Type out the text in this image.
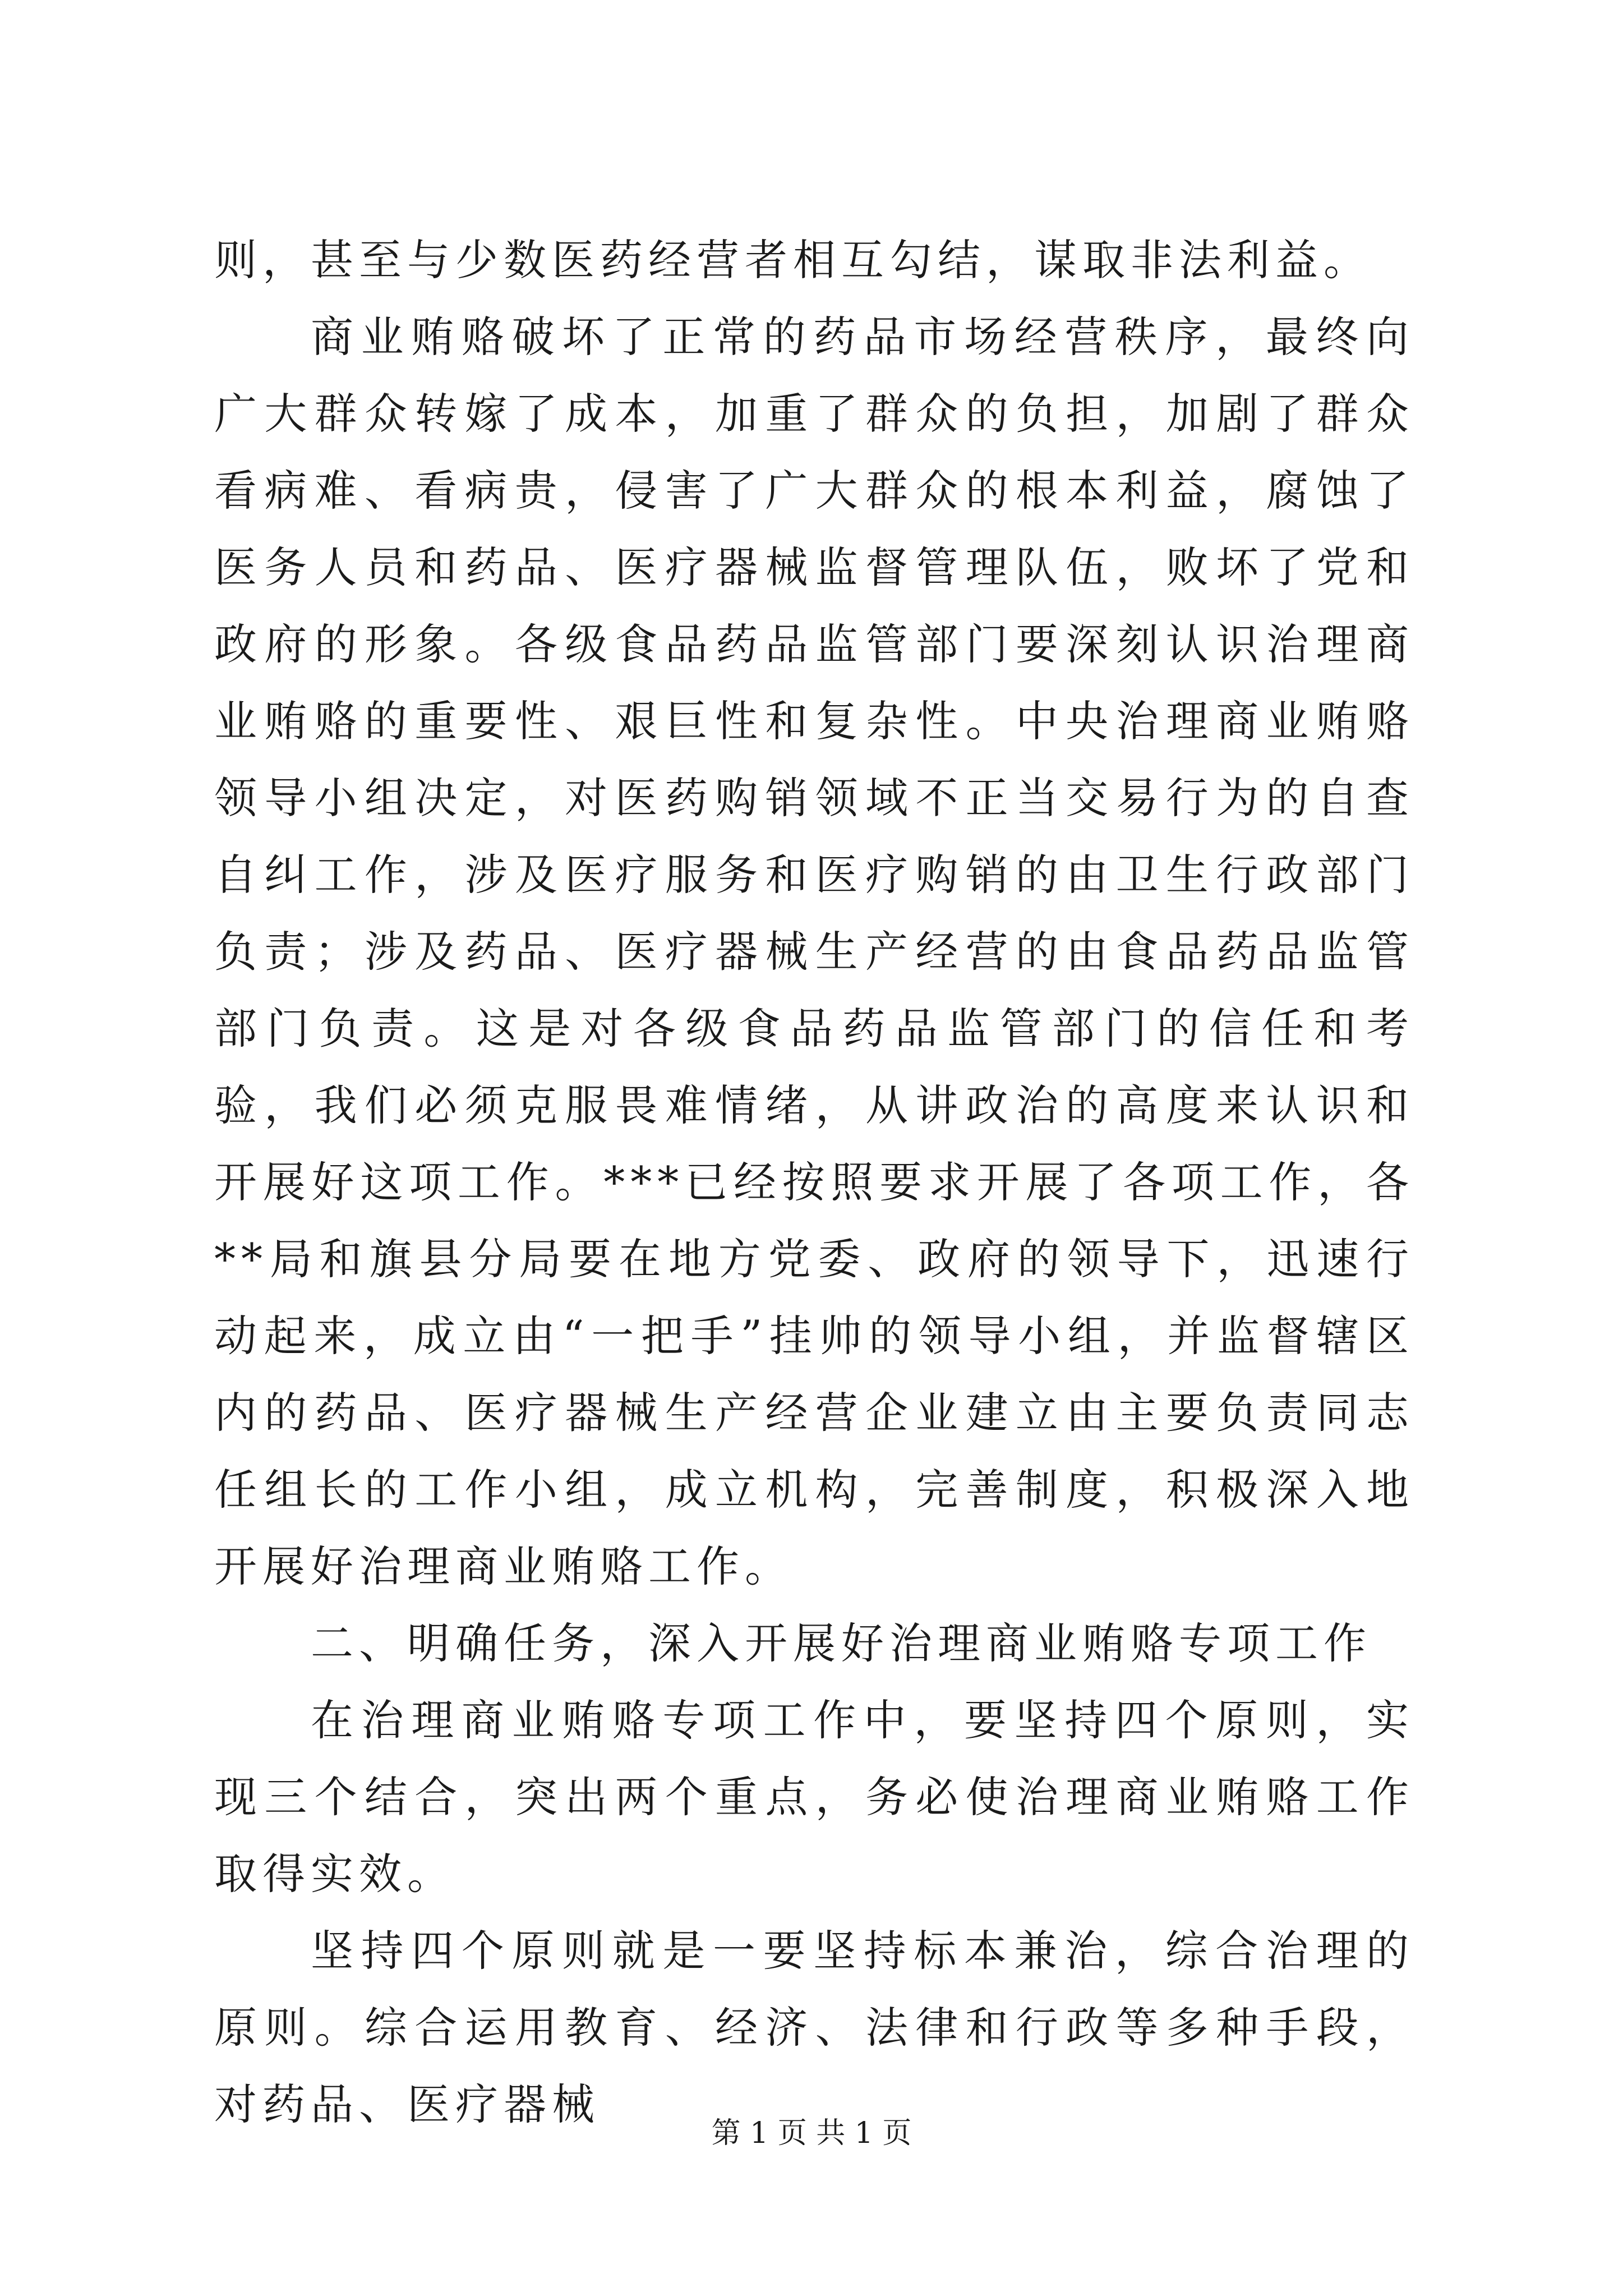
则，甚至与少数医药经营者相互勾结，谋取非法利益。

商业贿赂破坏了正常的药品市场经营秩序，最终向广大群众转嫁了成本，加重了群众的负担，加剧了群众看病难、看病贵，侵害了广大群众的根本利益，腐蚀了医务人员和药品、医疗器械监督管理队伍，败坏了党和政府的形象。各级食品药品监管部门要深刻认识治理商业贿赂的重要性、艰巨性和复杂性。中央治理商业贿赂领导小组决定，对医药购销领域不正当交易行为的自查自纠工作，涉及医疗服务和医疗购销的由卫生行政部门负责；涉及药品、医疗器械生产经营的由食品药品监管部门负责。这是对各级食品药品监管部门的信任和考验，我们必须克服畏难情绪，从讲政治的高度来认识和开展好这项工作。***已经按照要求开展了各项工作，各**局和旗县分局要在地方党委、政府的领导下，迅速行动起来，成立由“一把手”挂帅的领导小组，并监督辖区内的药品、医疗器械生产经营企业建立由主要负责同志任组长的工作小组，成立机构，完善制度，积极深入地开展好治理商业贿赂工作。

二、明确任务，深入开展好治理商业贿赂专项工作

在治理商业贿赂专项工作中，要坚持四个原则，实现三个结合，突出两个重点，务必使治理商业贿赂工作取得实效。

坚持四个原则就是一要坚持标本兼治，综合治理的原则。综合运用教育、经济、法律和行政等多种手段，对药品、医疗器械

第 1 页 共 1 页
